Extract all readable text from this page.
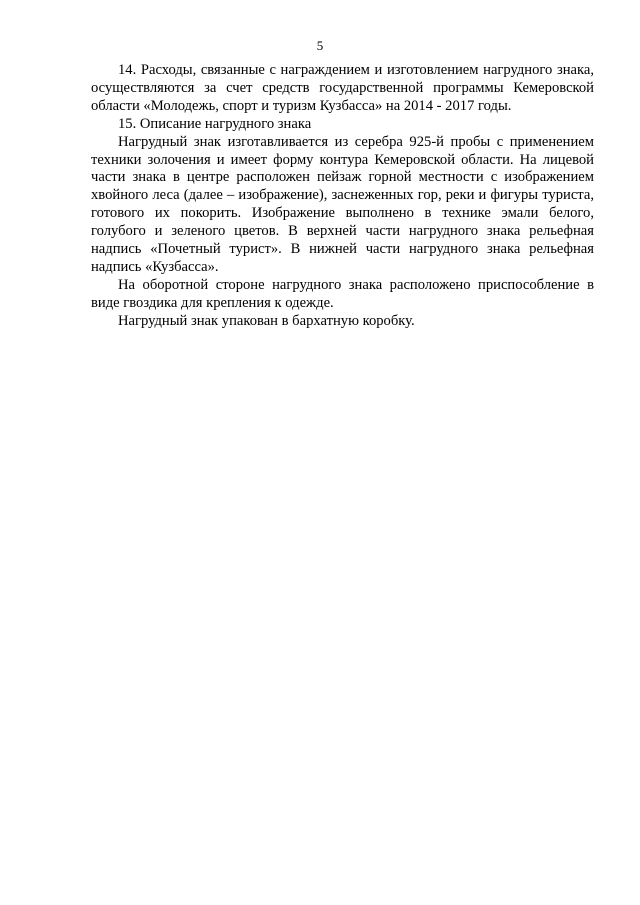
5

14. Расходы, связанные с награждением и изготовлением нагрудного знака, осуществляются за счет средств государственной программы Кемеровской области «Молодежь, спорт и туризм Кузбасса» на 2014 - 2017 годы.

15. Описание нагрудного знака

Нагрудный знак изготавливается из серебра 925-й пробы с применением техники золочения и имеет форму контура Кемеровской области. На лицевой части знака в центре расположен пейзаж горной местности с изображением хвойного леса (далее – изображение), заснеженных гор, реки и фигуры туриста, готового их покорить. Изображение выполнено в технике эмали белого, голубого и зеленого цветов. В верхней части нагрудного знака рельефная надпись «Почетный турист». В нижней части нагрудного знака рельефная надпись «Кузбасса».

На оборотной стороне нагрудного знака расположено приспособление в виде гвоздика для крепления к одежде.

Нагрудный знак упакован в бархатную коробку.
